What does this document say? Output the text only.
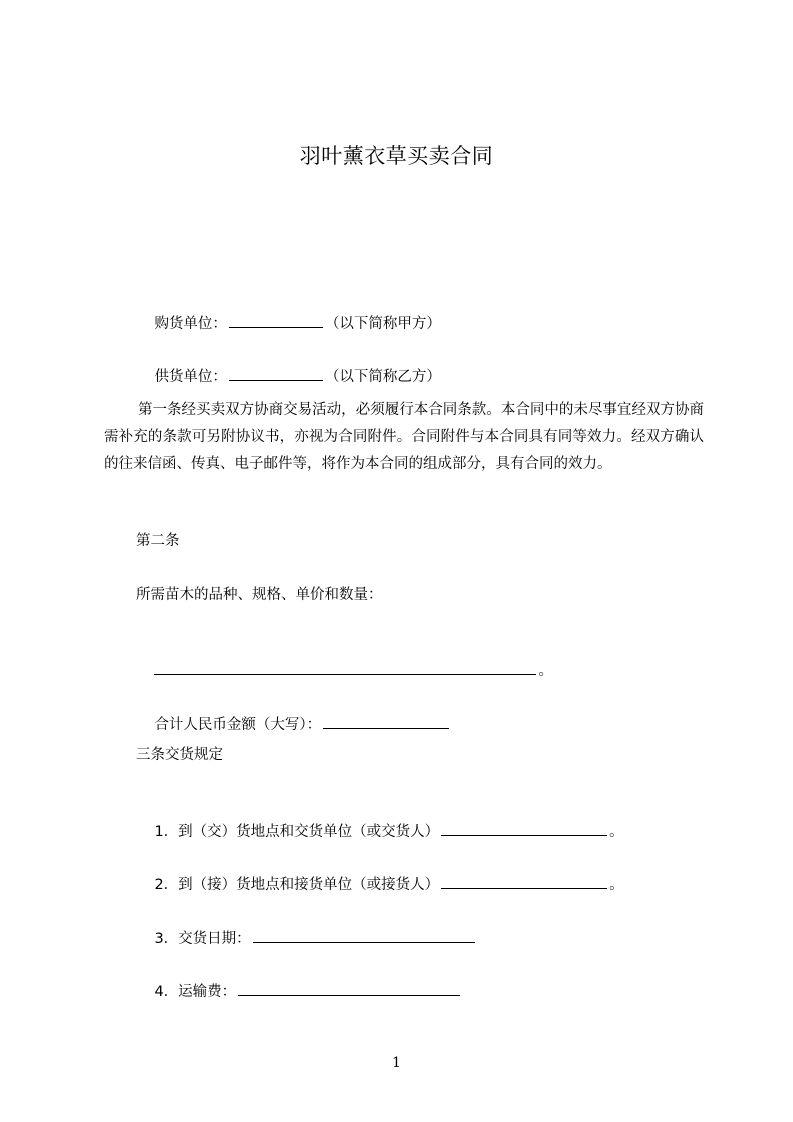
羽叶薰衣草买卖合同

购货单位：	（以下简称甲方）

供货单位：	（以下简称乙方）

第一条经买卖双方协商交易活动，必须履行本合同条款。本合同中的未尽事宜经双方协商需补充的条款可另附协议书，亦视为合同附件。合同附件与本合同具有同等效力。经双方确认的往来信函、传真、电子邮件等，将作为本合同的组成部分，具有合同的效力。
第二条
所需苗木的品种、规格、单价和数量：

。

合计人民币金额（大写）：

三条交货规定

1．到（交）货地点和交货单位（或交货人）	。

2．到（接）货地点和接货单位（或接货人）	。

3．交货日期：

4．运输费：

1
